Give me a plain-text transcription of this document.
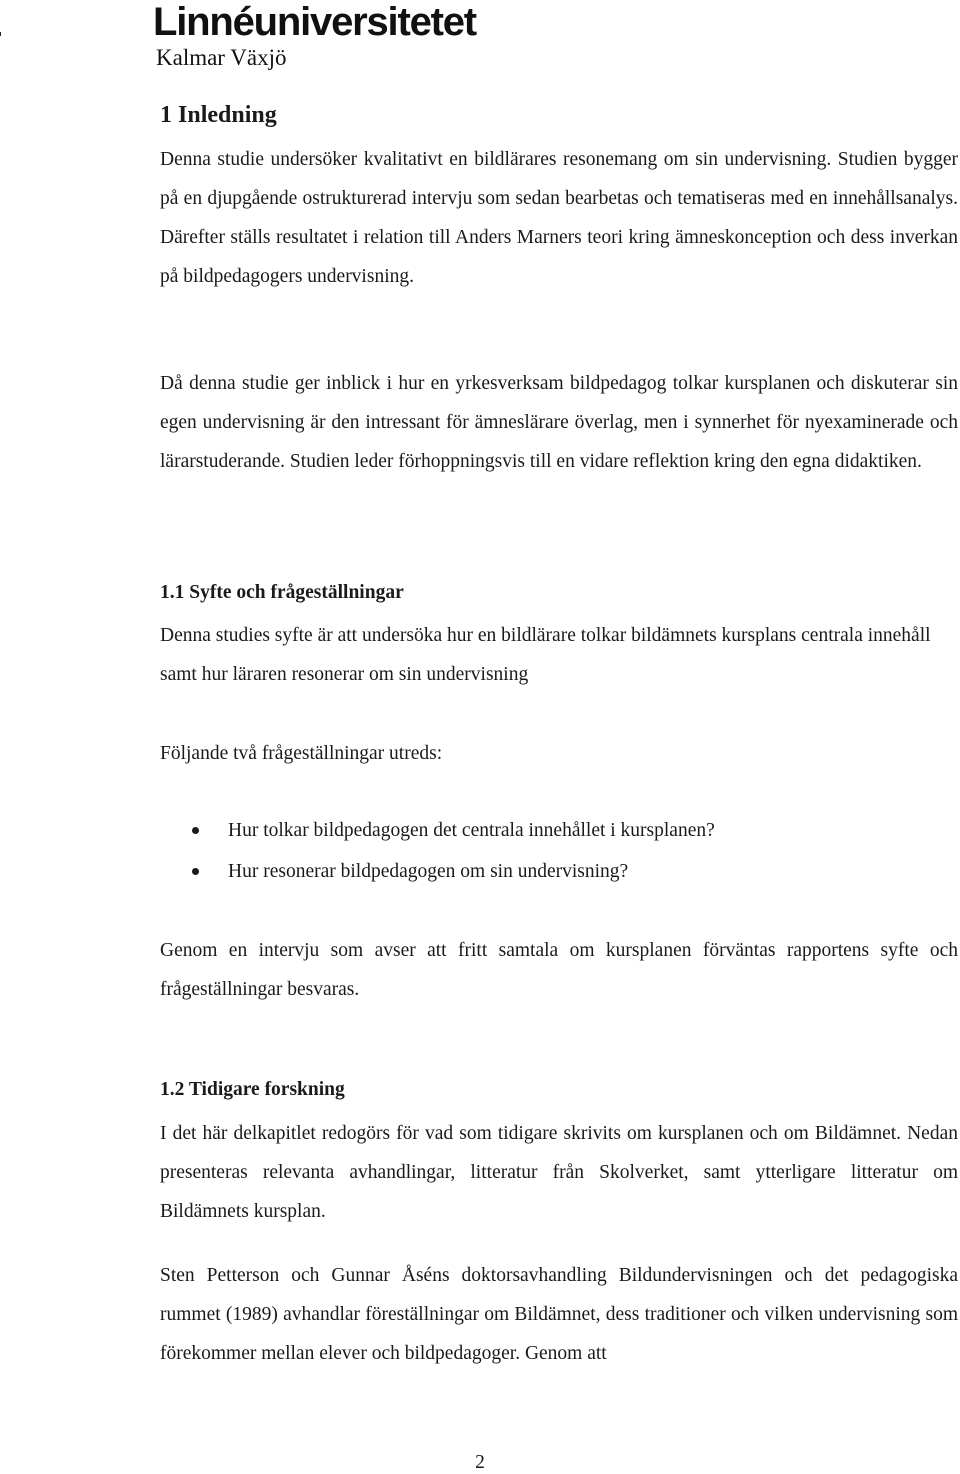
Linnéuniversitetet
Kalmar Växjö
1 Inledning

Denna studie undersöker kvalitativt en bildlärares resonemang om sin undervisning. Studien bygger på en djupgående ostrukturerad intervju som sedan bearbetas och tematiseras med en innehållsanalys. Därefter ställs resultatet i relation till Anders Marners teori kring ämneskonception och dess inverkan på bildpedagogers undervisning.

Då denna studie ger inblick i hur en yrkesverksam bildpedagog tolkar kursplanen och diskuterar sin egen undervisning är den intressant för ämneslärare överlag, men i synnerhet för nyexaminerade och lärarstuderande. Studien leder förhoppningsvis till en vidare reflektion kring den egna didaktiken.

1.1 Syfte och frågeställningar

Denna studies syfte är att undersöka hur en bildlärare tolkar bildämnets kursplans centrala innehåll samt hur läraren resonerar om sin undervisning

Följande två frågeställningar utreds:

Hur tolkar bildpedagogen det centrala innehållet i kursplanen?
Hur resonerar bildpedagogen om sin undervisning?

Genom en intervju som avser att fritt samtala om kursplanen förväntas rapportens syfte och frågeställningar besvaras.

1.2 Tidigare forskning

I det här delkapitlet redogörs för vad som tidigare skrivits om kursplanen och om Bildämnet. Nedan presenteras relevanta avhandlingar, litteratur från Skolverket, samt ytterligare litteratur om Bildämnets kursplan.

Sten Petterson och Gunnar Åséns doktorsavhandling Bildundervisningen och det pedagogiska rummet (1989) avhandlar föreställningar om Bildämnet, dess traditioner och vilken undervisning som förekommer mellan elever och bildpedagoger. Genom att

2
